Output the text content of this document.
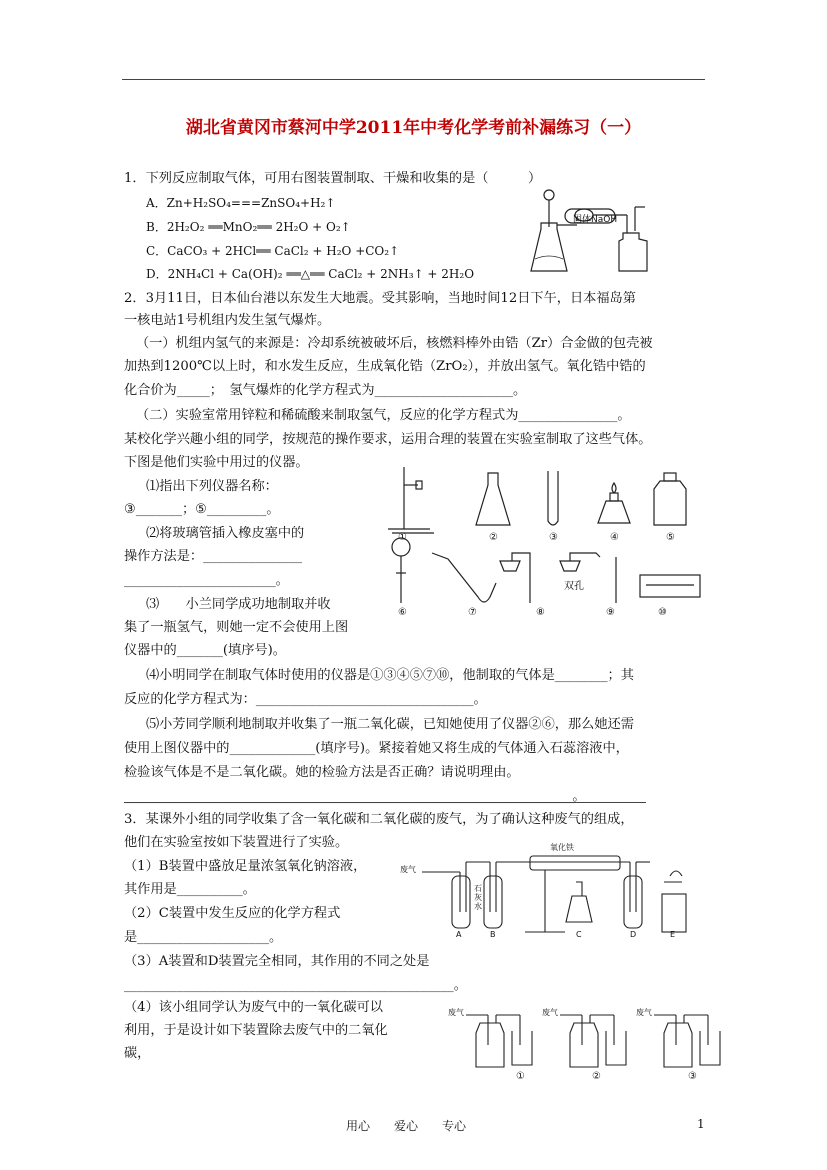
湖北省黄冈市蔡河中学2011年中考化学考前补漏练习（一）
1．下列反应制取气体，可用右图装置制取、干燥和收集的是（　　　）
A．Zn+H₂SO₄===ZnSO₄+H₂↑
B．2H₂O₂ ══MnO₂══ 2H₂O + O₂↑
C．CaCO₃ + 2HCl══ CaCl₂ + H₂O +CO₂↑
D．2NH₄Cl + Ca(OH)₂ ══△══ CaCl₂ + 2NH₃↑ + 2H₂O
固体NaOH
2．3月11日，日本仙台港以东发生大地震。受其影响，当地时间12日下午，日本福岛第
一核电站1号机组内发生氢气爆炸。
（一）机组内氢气的来源是：冷却系统被破坏后，核燃料棒外由锆（Zr）合金做的包壳被
加热到1200℃以上时，和水发生反应，生成氧化锆（ZrO₂），并放出氢气。氧化锆中锆的
化合价为_____；　氢气爆炸的化学方程式为_____________________。
（二）实验室常用锌粒和稀硫酸来制取氢气，反应的化学方程式为_______________。
某校化学兴趣小组的同学，按规范的操作要求，运用合理的装置在实验室制取了这些气体。
下图是他们实验中用过的仪器。
⑴指出下列仪器名称：
③_______；⑤_________。
⑵将玻璃管插入橡皮塞中的
操作方法是：_______________
_______________________。
⑶　　小兰同学成功地制取并收
集了一瓶氢气，则她一定不会使用上图
仪器中的_______(填序号)。
⑷小明同学在制取气体时使用的仪器是①③④⑤⑦⑩，他制取的气体是________；其
反应的化学方程式为：_________________________________。
⑸小芳同学顺利地制取并收集了一瓶二氧化碳，已知她使用了仪器②⑥，那么她还需
使用上图仪器中的_____________(填序号)。紧接着她又将生成的气体通入石蕊溶液中，
检验该气体是不是二氧化碳。她的检验方法是否正确？请说明理由。
____________________________________________________________________。
①	②	③	④	⑤
⑥	⑦	⑧	⑨	⑩
双孔
3．某课外小组的同学收集了含一氧化碳和二氧化碳的废气，为了确认这种废气的组成，
他们在实验室按如下装置进行了实验。
（1）B装置中盛放足量浓氢氧化钠溶液，
其作用是__________。
（2）C装置中发生反应的化学方程式
是____________________。
（3）A装置和D装置完全相同，其作用的不同之处是
__________________________________________________。
（4）该小组同学认为废气中的一氧化碳可以
利用，于是设计如下装置除去废气中的二氧化
碳，
废气
氧化铁
石灰水
A	B	C	D	E
废气	废气	废气
①	②	③
用心　　爱心　　专心	1
